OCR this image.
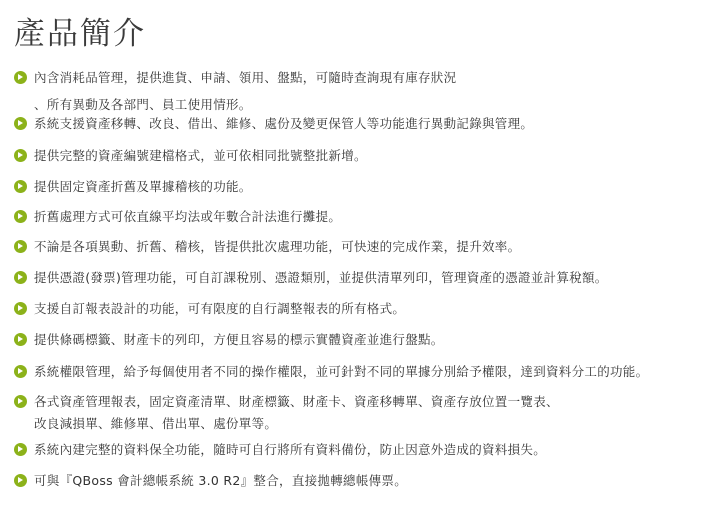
產品簡介
內含消耗品管理，提供進貨、申請、領用、盤點，可隨時查詢現有庫存狀況
、所有異動及各部門、員工使用情形。
系統支援資產移轉、改良、借出、維修、處份及變更保管人等功能進行異動記錄與管理。
提供完整的資產編號建檔格式，並可依相同批號整批新增。
提供固定資產折舊及單據稽核的功能。
折舊處理方式可依直線平均法或年數合計法進行攤提。
不論是各項異動、折舊、稽核，皆提供批次處理功能，可快速的完成作業，提升效率。
提供憑證(發票)管理功能，可自訂課稅別、憑證類別，並提供清單列印，管理資產的憑證並計算稅額。
支援自訂報表設計的功能，可有限度的自行調整報表的所有格式。
提供條碼標籤、財產卡的列印，方便且容易的標示實體資產並進行盤點。
系統權限管理，給予每個使用者不同的操作權限，並可針對不同的單據分別給予權限，達到資料分工的功能。
各式資產管理報表，固定資產清單、財產標籤、財產卡、資產移轉單、資產存放位置一覽表、
改良減損單、維修單、借出單、處份單等。
系統內建完整的資料保全功能，隨時可自行將所有資料備份，防止因意外造成的資料損失。
可與『QBoss 會計總帳系統 3.0 R2』整合，直接拋轉總帳傳票。
